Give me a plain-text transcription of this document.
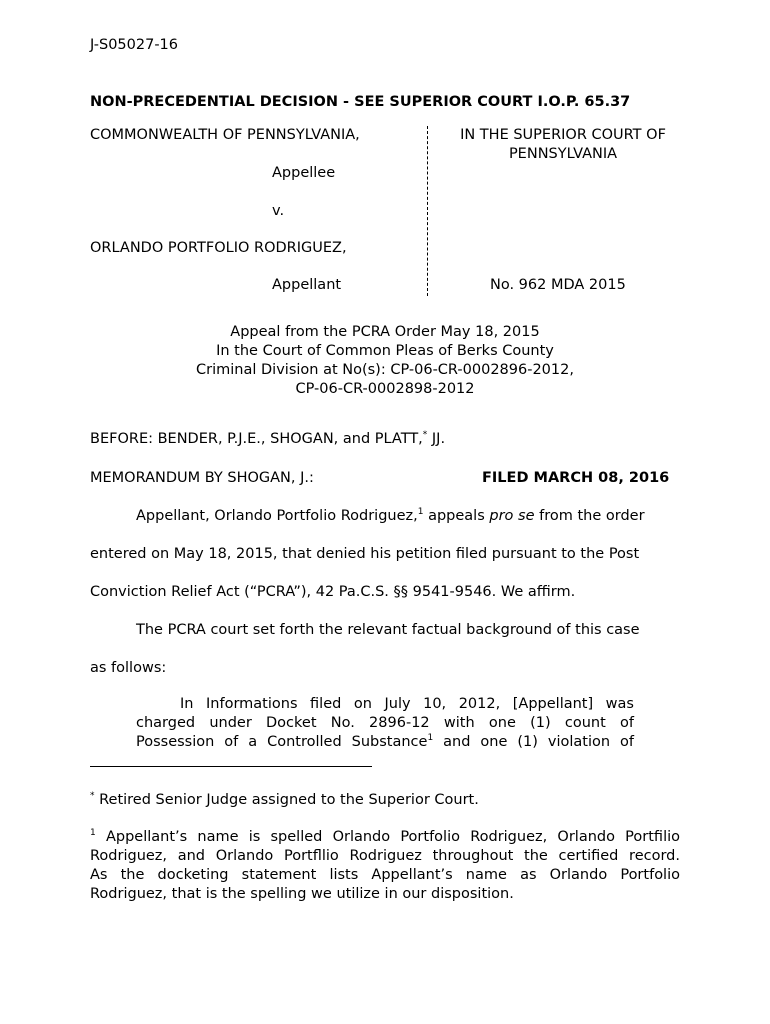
J-S05027-16
NON-PRECEDENTIAL DECISION - SEE SUPERIOR COURT I.O.P. 65.37
COMMONWEALTH OF PENNSYLVANIA,
Appellee
v.
ORLANDO PORTFOLIO RODRIGUEZ,
Appellant
IN THE SUPERIOR COURT OF
PENNSYLVANIA
No. 962 MDA 2015
Appeal from the PCRA Order May 18, 2015
In the Court of Common Pleas of Berks County
Criminal Division at No(s): CP-06-CR-0002896-2012,
CP-06-CR-0002898-2012
BEFORE: BENDER, P.J.E., SHOGAN, and PLATT,* JJ.
MEMORANDUM BY SHOGAN, J.:	FILED MARCH 08, 2016
Appellant, Orlando Portfolio Rodriguez,$^1$ appeals pro se from the order
entered on May 18, 2015, that denied his petition filed pursuant to the Post
Conviction Relief Act (“PCRA”), 42 Pa.C.S. §§ 9541-9546. We affirm.
The PCRA court set forth the relevant factual background of this case
as follows:
In Informations filed on July 10, 2012, [Appellant] was
charged under Docket No. 2896-12 with one (1) count of
Possession of a Controlled Substance$^1$ and one (1) violation of
* Retired Senior Judge assigned to the Superior Court.
$^1$ Appellant’s name is spelled Orlando Portfolio Rodriguez, Orlando Portfilio
Rodriguez, and Orlando Portfllio Rodriguez throughout the certified record.
As the docketing statement lists Appellant’s name as Orlando Portfolio
Rodriguez, that is the spelling we utilize in our disposition.
